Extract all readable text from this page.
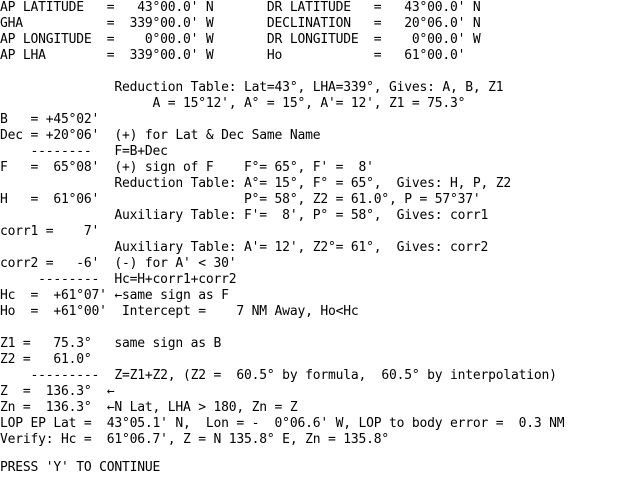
AP LATITUDE   =   43°00.0' N       DR LATITUDE   =   43°00.0' N
GHA           =  339°00.0' W       DECLINATION   =   20°06.0' N
AP LONGITUDE  =    0°00.0' W       DR LONGITUDE  =    0°00.0' W
AP LHA        =  339°00.0' W       Ho            =   61°00.0'
Reduction Table: Lat=43°, LHA=339°, Gives: A, B, Z1
A = 15°12', A° = 15°, A'= 12', Z1 = 75.3°
B   = +45°02'
Dec = +20°06'  (+) for Lat & Dec Same Name
--------   F=B+Dec
F   =  65°08'  (+) sign of F    F°= 65°, F' =  8'
Reduction Table: A°= 15°, F° = 65°,  Gives: H, P, Z2
H   =  61°06'                   P°= 58°, Z2 = 61.0°, P = 57°37'
Auxiliary Table: F'=  8', P° = 58°,  Gives: corr1
corr1 =    7'
Auxiliary Table: A'= 12', Z2°= 61°,  Gives: corr2
corr2 =   -6'  (-) for A' < 30'
--------  Hc=H+corr1+corr2
Hc  =  +61°07' ←same sign as F
Ho  =  +61°00'  Intercept =    7 NM Away, Ho<Hc
Z1 =   75.3°   same sign as B
Z2 =   61.0°
---------  Z=Z1+Z2, (Z2 =  60.5° by formula,  60.5° by interpolation)
Z  =  136.3°  ←
Zn =  136.3°  ←N Lat, LHA > 180, Zn = Z
LOP EP Lat =  43°05.1' N,  Lon = -  0°06.6' W, LOP to body error =  0.3 NM
Verify: Hc =  61°06.7', Z = N 135.8° E, Zn = 135.8°
PRESS 'Y' TO CONTINUE
